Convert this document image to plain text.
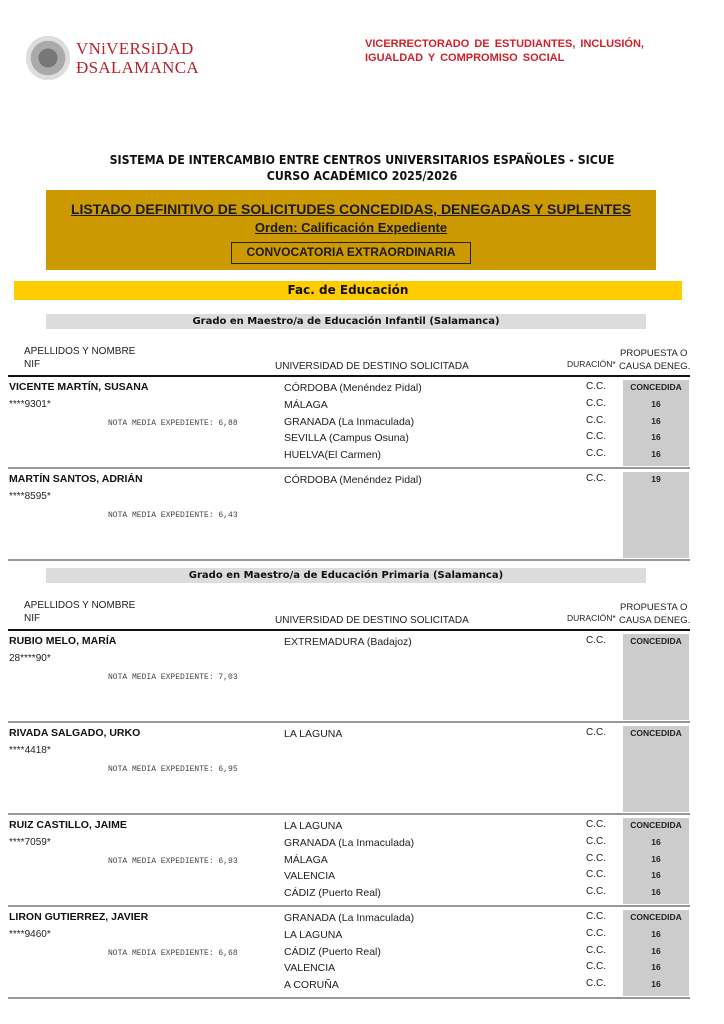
VNiVERSiDAD
ÐSALAMANCA
VICERRECTORADO DE ESTUDIANTES, INCLUSIÓN,
IGUALDAD Y COMPROMISO SOCIAL
SISTEMA DE INTERCAMBIO ENTRE CENTROS UNIVERSITARIOS ESPAÑOLES - SICUE
CURSO ACADÉMICO 2025/2026
LISTADO DEFINITIVO DE SOLICITUDES CONCEDIDAS, DENEGADAS Y SUPLENTES
Orden: Calificación Expediente
CONVOCATORIA EXTRAORDINARIA
Fac. de Educación
Grado en Maestro/a de Educación Infantil (Salamanca)
APELLIDOS Y NOMBRE
NIF	UNIVERSIDAD DE DESTINO SOLICITADA	DURACIÓN*
PROPUESTA O
CAUSA DENEG.
VICENTE MARTÍN, SUSANA
****9301*
NOTA MEDIA EXPEDIENTE: 6,88
CÓRDOBA (Menéndez Pidal)	C.C.	CONCEDIDA
MÁLAGA	C.C.	16
GRANADA (La Inmaculada)	C.C.	16
SEVILLA (Campus Osuna)	C.C.	16
HUELVA(El Carmen)	C.C.	16
MARTÍN SANTOS, ADRIÁN
****8595*
NOTA MEDIA EXPEDIENTE: 6,43
CÓRDOBA (Menéndez Pidal)	C.C.	19
Grado en Maestro/a de Educación Primaria (Salamanca)
APELLIDOS Y NOMBRE
NIF	UNIVERSIDAD DE DESTINO SOLICITADA	DURACIÓN*
PROPUESTA O
CAUSA DENEG.
RUBIO MELO, MARÍA
28****90*
NOTA MEDIA EXPEDIENTE: 7,03
EXTREMADURA (Badajoz)	C.C.	CONCEDIDA
RIVADA SALGADO, URKO
****4418*
NOTA MEDIA EXPEDIENTE: 6,95
LA LAGUNA	C.C.	CONCEDIDA
RUIZ CASTILLO, JAIME
****7059*
NOTA MEDIA EXPEDIENTE: 6,93
LA LAGUNA	C.C.	CONCEDIDA
GRANADA (La Inmaculada)	C.C.	16
MÁLAGA	C.C.	16
VALENCIA	C.C.	16
CÁDIZ (Puerto Real)	C.C.	16
LIRON GUTIERREZ, JAVIER
****9460*
NOTA MEDIA EXPEDIENTE: 6,68
GRANADA (La Inmaculada)	C.C.	CONCEDIDA
LA LAGUNA	C.C.	16
CÁDIZ (Puerto Real)	C.C.	16
VALENCIA	C.C.	16
A CORUÑA	C.C.	16
